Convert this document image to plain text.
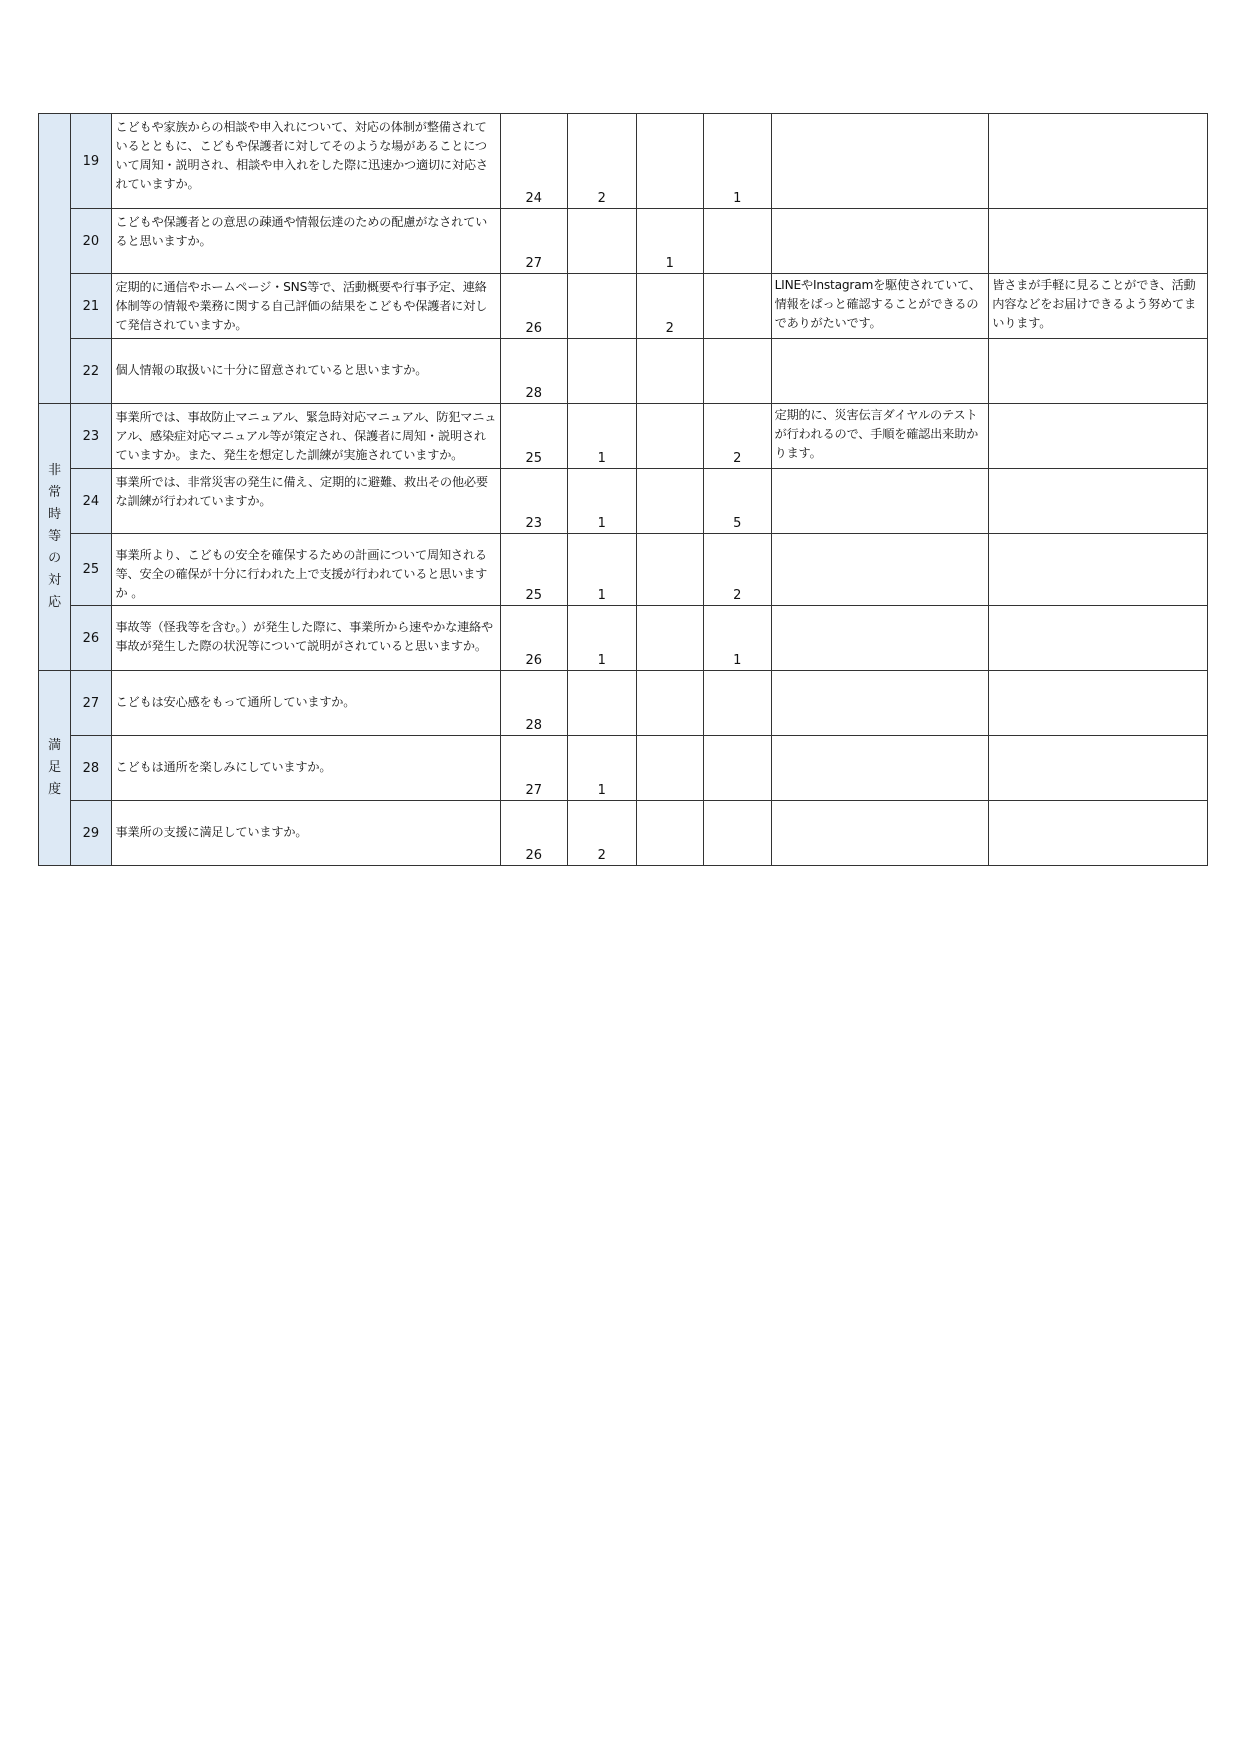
	19	こどもや家族からの相談や申入れについて、対応の体制が整備されているとともに、こどもや保護者に対してそのような場があることについて周知・説明され、相談や申入れをした際に迅速かつ適切に対応されていますか。	24	2		1		
	20	こどもや保護者との意思の疎通や情報伝達のための配慮がなされていると思いますか。	27		1			
	21	定期的に通信やホームページ・SNS等で、活動概要や行事予定、連絡体制等の情報や業務に関する自己評価の結果をこどもや保護者に対して発信されていますか。	26		2		LINEやInstagramを駆使されていて、情報をぱっと確認することができるのでありがたいです。	皆さまが手軽に見ることができ、活動内容などをお届けできるよう努めてまいります。
	22	個人情報の取扱いに十分に留意されていると思いますか。	28					
非常時等の対応	23	事業所では、事故防止マニュアル、緊急時対応マニュアル、防犯マニュアル、感染症対応マニュアル等が策定され、保護者に周知・説明されていますか。また、発生を想定した訓練が実施されていますか。	25	1		2	定期的に、災害伝言ダイヤルのテストが行われるので、手順を確認出来助かります。	
	24	事業所では、非常災害の発生に備え、定期的に避難、救出その他必要な訓練が行われていますか。	23	1		5		
	25	事業所より、こどもの安全を確保するための計画について周知される等、安全の確保が十分に行われた上で支援が行われていると思いますか 。	25	1		2		
	26	事故等（怪我等を含む。）が発生した際に、事業所から速やかな連絡や事故が発生した際の状況等について説明がされていると思いますか。	26	1		1		
満足度	27	こどもは安心感をもって通所していますか。	28					
	28	こどもは通所を楽しみにしていますか。	27	1				
	29	事業所の支援に満足していますか。	26	2				
